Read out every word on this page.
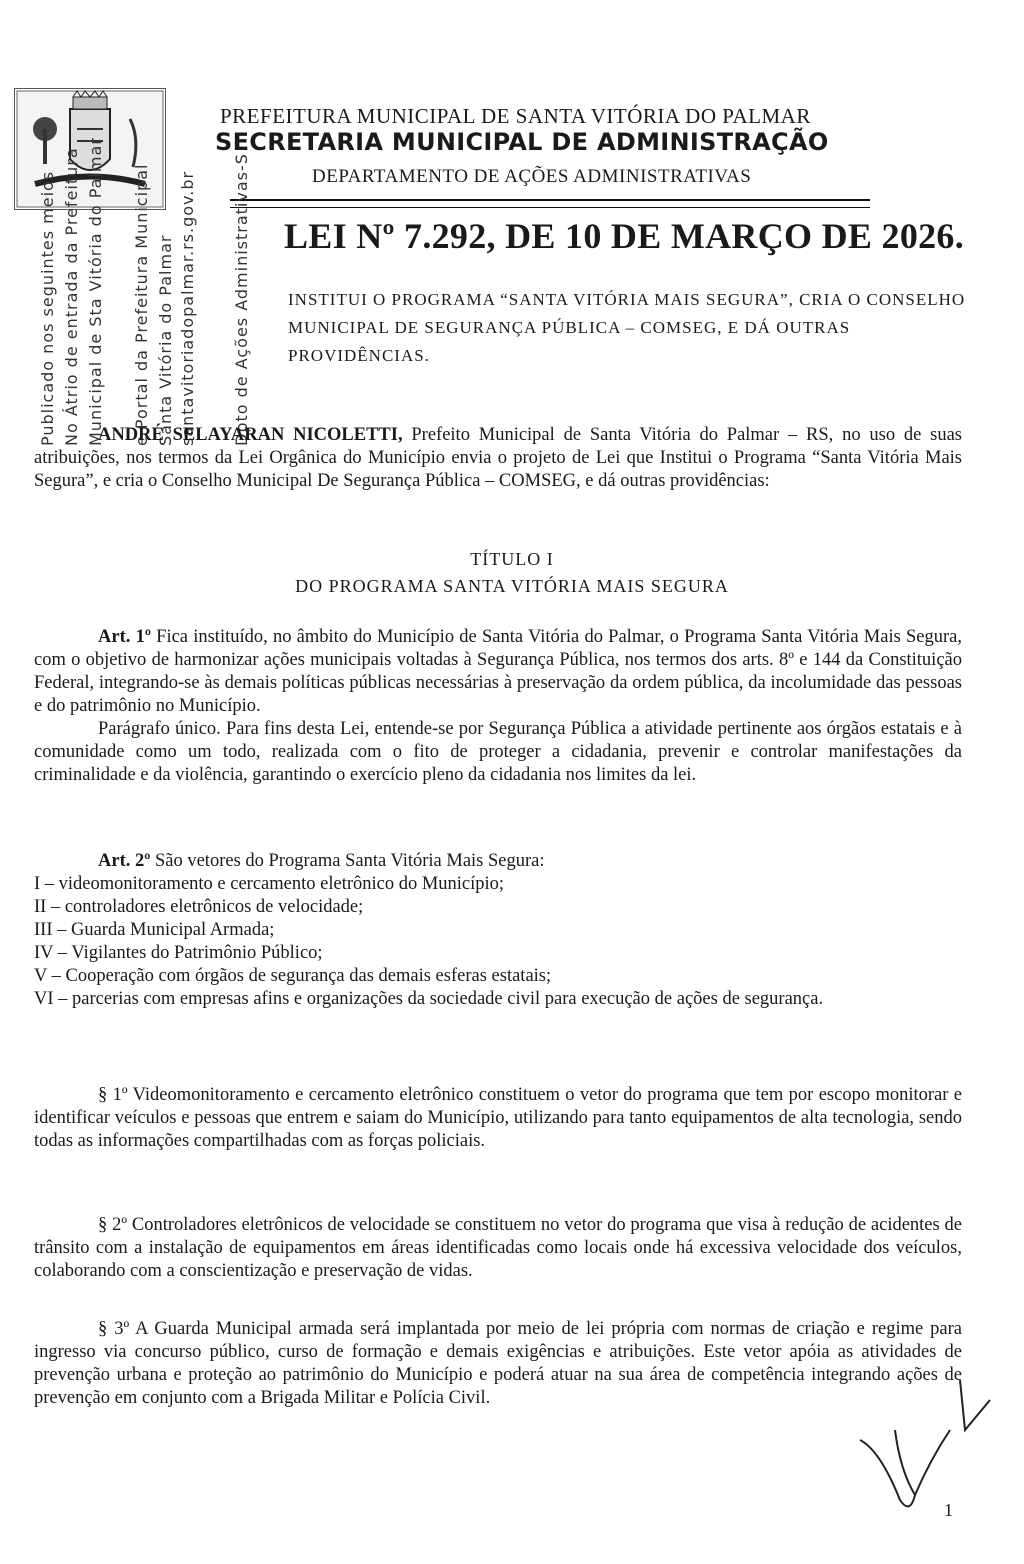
PREFEITURA MUNICIPAL DE SANTA VITÓRIA DO PALMAR
SECRETARIA MUNICIPAL DE ADMINISTRAÇÃO
DEPARTAMENTO DE AÇÕES ADMINISTRATIVAS
Publicado nos seguintes meios No Átrio de entrada da Prefeitura Municipal de Sta Vitória do Palmar e Portal da Prefeitura Municipal Santa Vitória do Palmar santavitoriadopalmar.rs.gov.br Dpto de Ações Administrativas-S LEI Nº 7.292, DE 10 DE MARÇO DE 2026.
INSTITUI O PROGRAMA “SANTA VITÓRIA MAIS SEGURA”, CRIA O CONSELHO MUNICIPAL DE SEGURANÇA PÚBLICA – COMSEG, E DÁ OUTRAS PROVIDÊNCIAS.

ANDRÉ SELAYARAN NICOLETTI, Prefeito Municipal de Santa Vitória do Palmar – RS, no uso de suas atribuições, nos termos da Lei Orgânica do Município envia o projeto de Lei que Institui o Programa “Santa Vitória Mais Segura”, e cria o Conselho Municipal De Segurança Pública – COMSEG, e dá outras providências:

TÍTULO I
DO PROGRAMA SANTA VITÓRIA MAIS SEGURA

Art. 1º Fica instituído, no âmbito do Município de Santa Vitória do Palmar, o Programa Santa Vitória Mais Segura, com o objetivo de harmonizar ações municipais voltadas à Segurança Pública, nos termos dos arts. 8º e 144 da Constituição Federal, integrando-se às demais políticas públicas necessárias à preservação da ordem pública, da incolumidade das pessoas e do patrimônio no Município.

Parágrafo único. Para fins desta Lei, entende-se por Segurança Pública a atividade pertinente aos órgãos estatais e à comunidade como um todo, realizada com o fito de proteger a cidadania, prevenir e controlar manifestações da criminalidade e da violência, garantindo o exercício pleno da cidadania nos limites da lei.

Art. 2º São vetores do Programa Santa Vitória Mais Segura:

I – videomonitoramento e cercamento eletrônico do Município;

II – controladores eletrônicos de velocidade;

III – Guarda Municipal Armada;

IV – Vigilantes do Patrimônio Público;

V – Cooperação com órgãos de segurança das demais esferas estatais;

VI – parcerias com empresas afins e organizações da sociedade civil para execução de ações de segurança.

§ 1º Videomonitoramento e cercamento eletrônico constituem o vetor do programa que tem por escopo monitorar e identificar veículos e pessoas que entrem e saiam do Município, utilizando para tanto equipamentos de alta tecnologia, sendo todas as informações compartilhadas com as forças policiais.

§ 2º Controladores eletrônicos de velocidade se constituem no vetor do programa que visa à redução de acidentes de trânsito com a instalação de equipamentos em áreas identificadas como locais onde há excessiva velocidade dos veículos, colaborando com a conscientização e preservação de vidas.

§ 3º A Guarda Municipal armada será implantada por meio de lei própria com normas de criação e regime para ingresso via concurso público, curso de formação e demais exigências e atribuições. Este vetor apóia as atividades de prevenção urbana e proteção ao patrimônio do Município e poderá atuar na sua área de competência integrando ações de prevenção em conjunto com a Brigada Militar e Polícia Civil.

1
